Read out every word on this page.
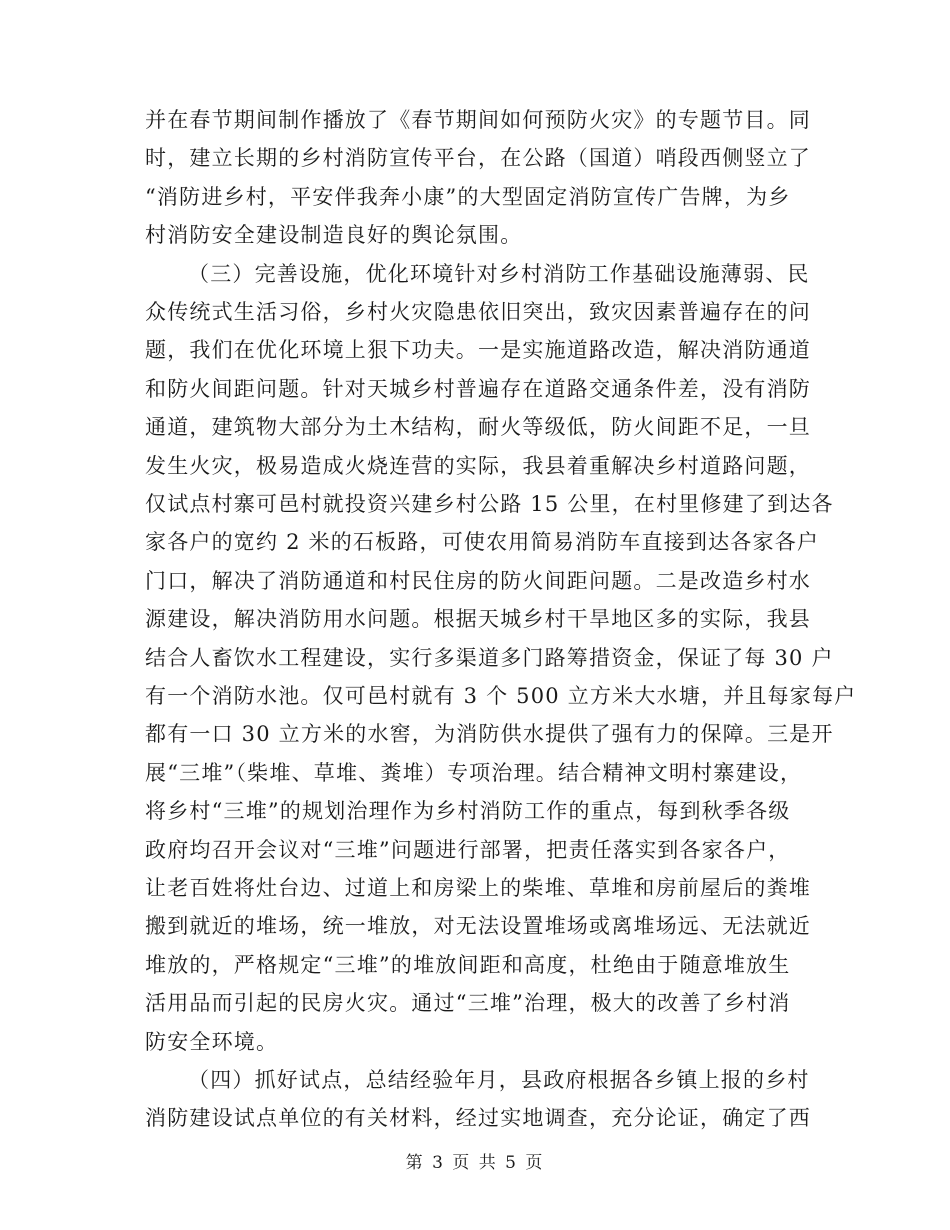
并在春节期间制作播放了《春节期间如何预防火灾》的专题节目。同
时，建立长期的乡村消防宣传平台，在公路（国道）哨段西侧竖立了
“消防进乡村，平安伴我奔小康”的大型固定消防宣传广告牌，为乡
村消防安全建设制造良好的舆论氛围。
（三）完善设施，优化环境针对乡村消防工作基础设施薄弱、民
众传统式生活习俗，乡村火灾隐患依旧突出，致灾因素普遍存在的问
题，我们在优化环境上狠下功夫。一是实施道路改造，解决消防通道
和防火间距问题。针对天城乡村普遍存在道路交通条件差，没有消防
通道，建筑物大部分为土木结构，耐火等级低，防火间距不足，一旦
发生火灾，极易造成火烧连营的实际，我县着重解决乡村道路问题，
仅试点村寨可邑村就投资兴建乡村公路 15 公里，在村里修建了到达各
家各户的宽约 2 米的石板路，可使农用简易消防车直接到达各家各户
门口，解决了消防通道和村民住房的防火间距问题。二是改造乡村水
源建设，解决消防用水问题。根据天城乡村干旱地区多的实际，我县
结合人畜饮水工程建设，实行多渠道多门路筹措资金，保证了每 30 户
有一个消防水池。仅可邑村就有 3 个 500 立方米大水塘，并且每家每户
都有一口 30 立方米的水窖，为消防供水提供了强有力的保障。三是开
展“三堆”（柴堆、草堆、粪堆）专项治理。结合精神文明村寨建设，
将乡村“三堆”的规划治理作为乡村消防工作的重点，每到秋季各级
政府均召开会议对“三堆”问题进行部署，把责任落实到各家各户，
让老百姓将灶台边、过道上和房梁上的柴堆、草堆和房前屋后的粪堆
搬到就近的堆场，统一堆放，对无法设置堆场或离堆场远、无法就近
堆放的，严格规定“三堆”的堆放间距和高度，杜绝由于随意堆放生
活用品而引起的民房火灾。通过“三堆”治理，极大的改善了乡村消
防安全环境。
（四）抓好试点，总结经验年月，县政府根据各乡镇上报的乡村
消防建设试点单位的有关材料，经过实地调查，充分论证，确定了西
第 3 页 共 5 页
